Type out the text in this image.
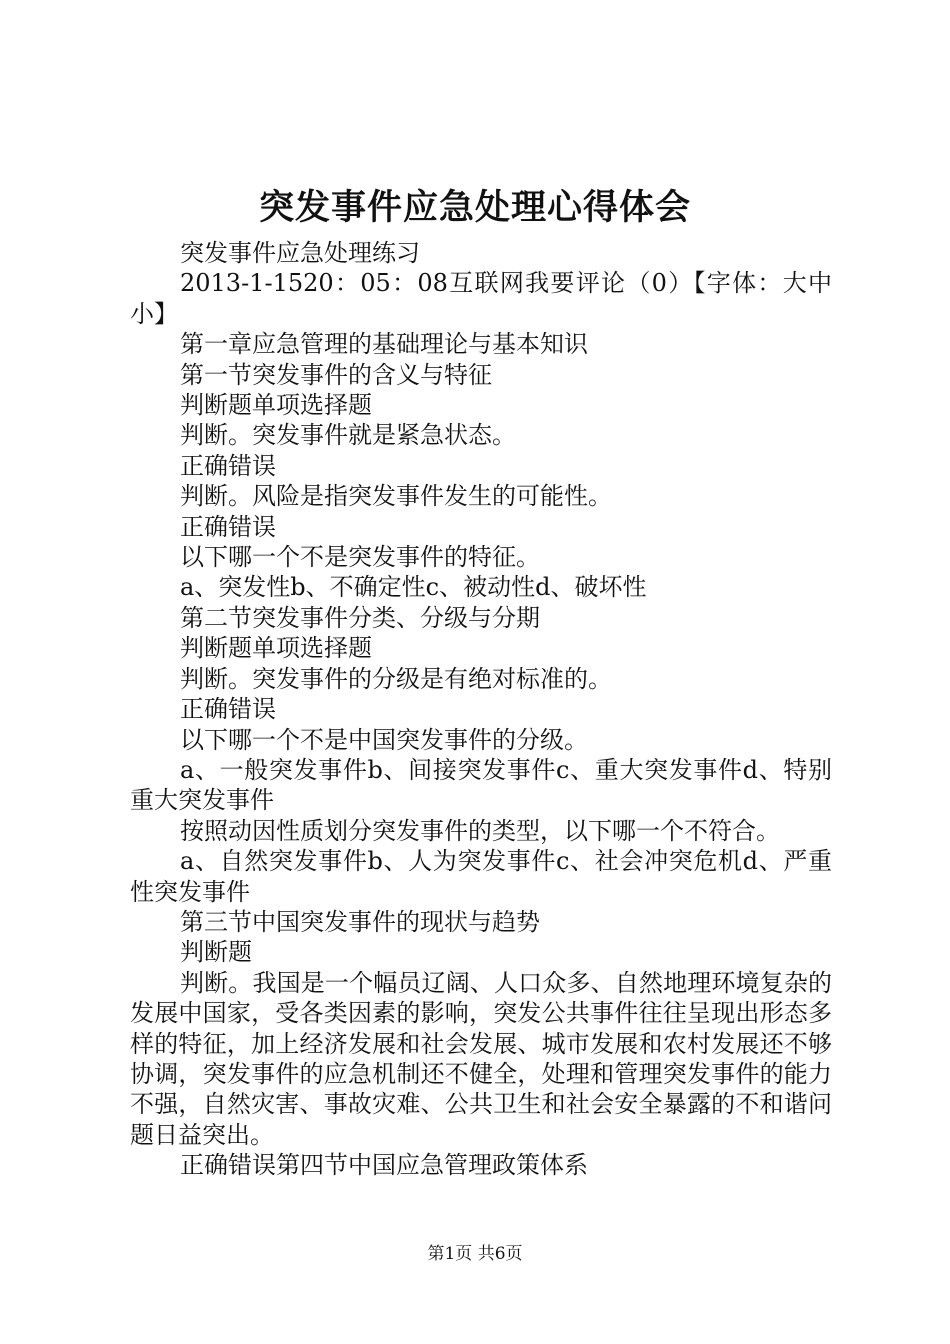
突发事件应急处理心得体会

突发事件应急处理练习

2013-1-1520：05：08互联网我要评论（0）【字体：大中小】

第一章应急管理的基础理论与基本知识

第一节突发事件的含义与特征

判断题单项选择题

判断。突发事件就是紧急状态。

正确错误

判断。风险是指突发事件发生的可能性。

正确错误

以下哪一个不是突发事件的特征。

a、突发性b、不确定性c、被动性d、破坏性

第二节突发事件分类、分级与分期

判断题单项选择题

判断。突发事件的分级是有绝对标准的。

正确错误

以下哪一个不是中国突发事件的分级。

a、一般突发事件b、间接突发事件c、重大突发事件d、特别重大突发事件

按照动因性质划分突发事件的类型，以下哪一个不符合。

a、自然突发事件b、人为突发事件c、社会冲突危机d、严重性突发事件

第三节中国突发事件的现状与趋势

判断题

判断。我国是一个幅员辽阔、人口众多、自然地理环境复杂的发展中国家，受各类因素的影响，突发公共事件往往呈现出形态多样的特征，加上经济发展和社会发展、城市发展和农村发展还不够协调，突发事件的应急机制还不健全，处理和管理突发事件的能力不强，自然灾害、事故灾难、公共卫生和社会安全暴露的不和谐问题日益突出。

正确错误第四节中国应急管理政策体系

第1页 共6页
